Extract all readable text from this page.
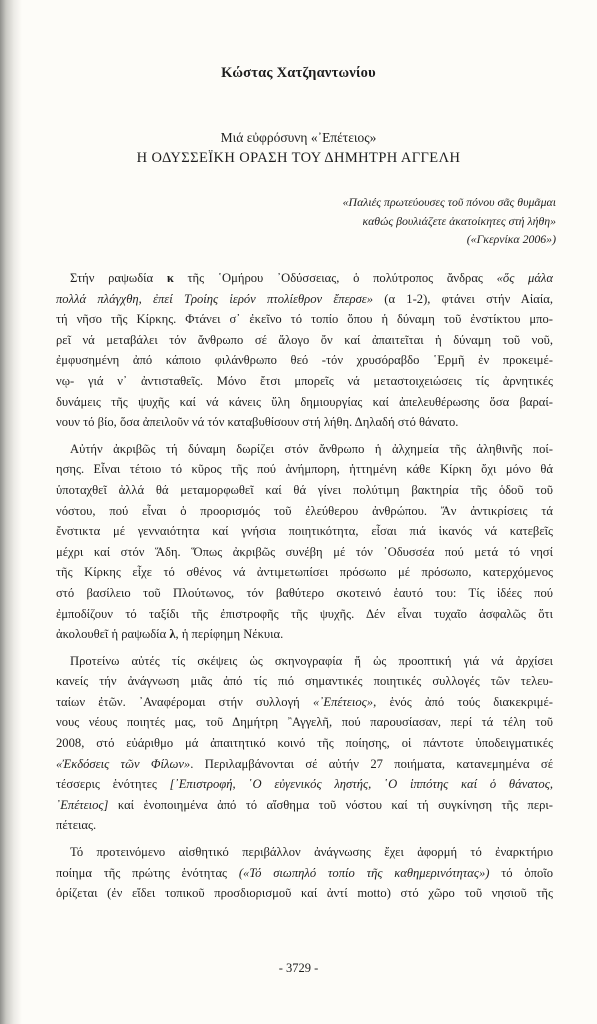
Κώστας Χατζηαντωνίου
Μιά εὐφρόσυνη «᾿Επέτειος»
Η ΟΔΥΣΣΕΪΚΗ ΟΡΑΣΗ ΤΟΥ ΔΗΜΗΤΡΗ ΑΓΓΕΛΗ
«Παλιές πρωτεύουσες τοῦ πόνου σᾶς θυμᾶμαι
καθώς βουλιάζετε ἀκατοίκητες στή λήθη»
(«Γκερνίκα 2006»)
Στήν ραψωδία κ τῆς ῾Ομήρου ᾿Οδύσσειας, ὁ πολύτροπος ἄνδρας «ὅς μάλα
πολλά πλάγχθη, ἐπεί Τροίης ἱερόν πτολίεθρον ἔπερσε» (α 1-2), φτάνει στήν Αἰαία,
τή νῆσο τῆς Κίρκης. Φτάνει σ᾿ ἐκεῖνο τό τοπίο ὅπου ἡ δύναμη τοῦ ἐνστίκτου μπο-
ρεῖ νά μεταβάλει τόν ἄνθρωπο σέ ἄλογο ὄν καί ἀπαιτεῖται ἡ δύναμη τοῦ νοῦ,
ἐμφυσημένη ἀπό κάποιο φιλάνθρωπο θεό -τόν χρυσόραβδο ῾Ερμῆ ἐν προκειμέ-
νῳ- γιά ν᾿ ἀντισταθεῖς. Μόνο ἔτσι μπορεῖς νά μεταστοιχειώσεις τίς ἀρνητικές
δυνάμεις τῆς ψυχῆς καί νά κάνεις ὕλη δημιουργίας καί ἀπελευθέρωσης ὅσα βαραί-
νουν τό βίο, ὅσα ἀπειλοῦν νά τόν καταβυθίσουν στή λήθη. Δηλαδή στό θάνατο.
Αὐτήν ἀκριβῶς τή δύναμη δωρίζει στόν ἄνθρωπο ἡ ἀλχημεία τῆς ἀληθινῆς ποί-
ησης. Εἶναι τέτοιο τό κῦρος τῆς πού ἀνήμπορη, ἡττημένη κάθε Κίρκη ὄχι μόνο θά
ὑποταχθεῖ ἀλλά θά μεταμορφωθεῖ καί θά γίνει πολύτιμη βακτηρία τῆς ὁδοῦ τοῦ
νόστου, πού εἶναι ὁ προορισμός τοῦ ἐλεύθερου ἀνθρώπου. Ἄν ἀντικρίσεις τά
ἔνστικτα μέ γενναιότητα καί γνήσια ποιητικότητα, εἶσαι πιά ἱκανός νά κατεβεῖς
μέχρι καί στόν Ἅδη. Ὅπως ἀκριβῶς συνέβη μέ τόν ᾿Οδυσσέα πού μετά τό νησί
τῆς Κίρκης εἶχε τό σθένος νά ἀντιμετωπίσει πρόσωπο μέ πρόσωπο, κατερχόμενος
στό βασίλειο τοῦ Πλούτωνος, τόν βαθύτερο σκοτεινό ἑαυτό του: Τίς ἰδέες πού
ἐμποδίζουν τό ταξίδι τῆς ἐπιστροφῆς τῆς ψυχῆς. Δέν εἶναι τυχαῖο ἀσφαλῶς ὅτι
ἀκολουθεῖ ἡ ραψωδία λ, ἡ περίφημη Νέκυια.
Προτείνω αὐτές τίς σκέψεις ὡς σκηνογραφία ἤ ὡς προοπτική γιά νά ἀρχίσει
κανείς τήν ἀνάγνωση μιᾶς ἀπό τίς πιό σημαντικές ποιητικές συλλογές τῶν τελευ-
ταίων ἐτῶν. ᾿Αναφέρομαι στήν συλλογή «᾿Επέτειος», ἑνός ἀπό τούς διακεκριμέ-
νους νέους ποιητές μας, τοῦ Δημήτρη ῍Αγγελῆ, πού παρουσίασαν, περί τά τέλη τοῦ
2008, στό εὐάριθμο μά ἀπαιτητικό κοινό τῆς ποίησης, οἱ πάντοτε ὑποδειγματικές
«Ἐκδόσεις τῶν Φίλων». Περιλαμβάνονται σέ αὐτήν 27 ποιήματα, κατανεμημένα σέ
τέσσερις ἑνότητες [᾿Επιστροφή, ῾Ο εὐγενικός ληστής, ῾Ο ἱππότης καί ὁ θάνατος,
᾿Επέτειος] καί ἑνοποιημένα ἀπό τό αἴσθημα τοῦ νόστου καί τή συγκίνηση τῆς περι-
πέτειας.
Τό προτεινόμενο αἰσθητικό περιβάλλον ἀνάγνωσης ἔχει ἀφορμή τό ἐναρκτήριο
ποίημα τῆς πρώτης ἑνότητας («Τό σιωπηλό τοπίο τῆς καθημερινότητας») τό ὁποῖο
ὁρίζεται (ἐν εἴδει τοπικοῦ προσδιορισμοῦ καί ἀντί motto) στό χῶρο τοῦ νησιοῦ τῆς
- 3729 -
